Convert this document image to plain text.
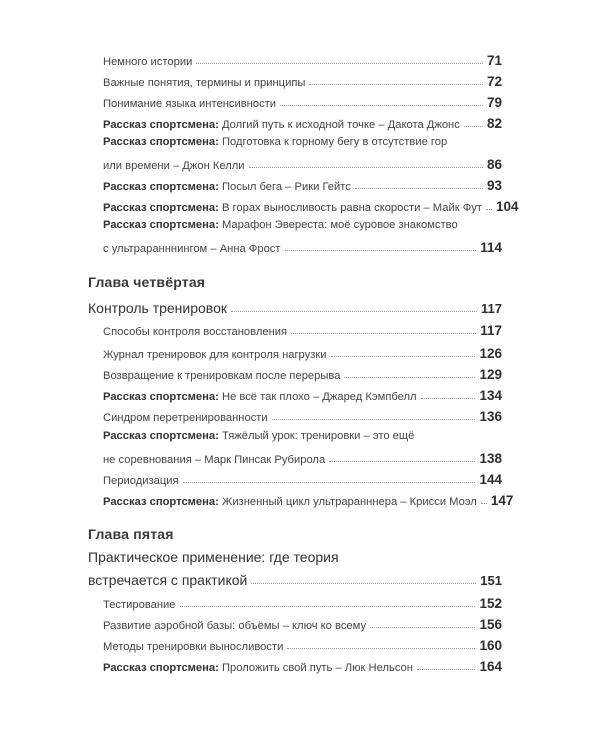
Немного истории	71
Важные понятия, термины и принципы	72
Понимание языка интенсивности	79
Рассказ спортсмена: Долгий путь к исходной точке – Дакота Джонс 82
Рассказ спортсмена: Подготовка к горному бегу в отсутствие гор
или времени – Джон Келли	86
Рассказ спортсмена: Посыл бега – Рики Гейтс	93
Рассказ спортсмена: В горах выносливость равна скорости – Майк Фут 104
Рассказ спортсмена: Марафон Эвереста: моё суровое знакомство
с ультраранннингом – Анна Фрост	114
Глава четвёртая
Контроль тренировок	117
Способы контроля восстановления	117
Журнал тренировок для контроля нагрузки	126
Возвращение к тренировкам после перерыва	129
Рассказ спортсмена: Не всё так плохо – Джаред Кэмпбелл	134
Синдром перетренированности	136
Рассказ спортсмена: Тяжёлый урок: тренировки – это ещё
не соревнования – Марк Пинсак Рубирола	138
Периодизация	144
Рассказ спортсмена: Жизненный цикл ультраранннера – Крисси Моэл 147
Глава пятая
Практическое применение: где теория
встречается с практикой	151
Тестирование	152
Развитие аэробной базы: объёмы – ключ ко всему	156
Методы тренировки выносливости	160
Рассказ спортсмена: Проложить свой путь – Люк Нельсон	164
